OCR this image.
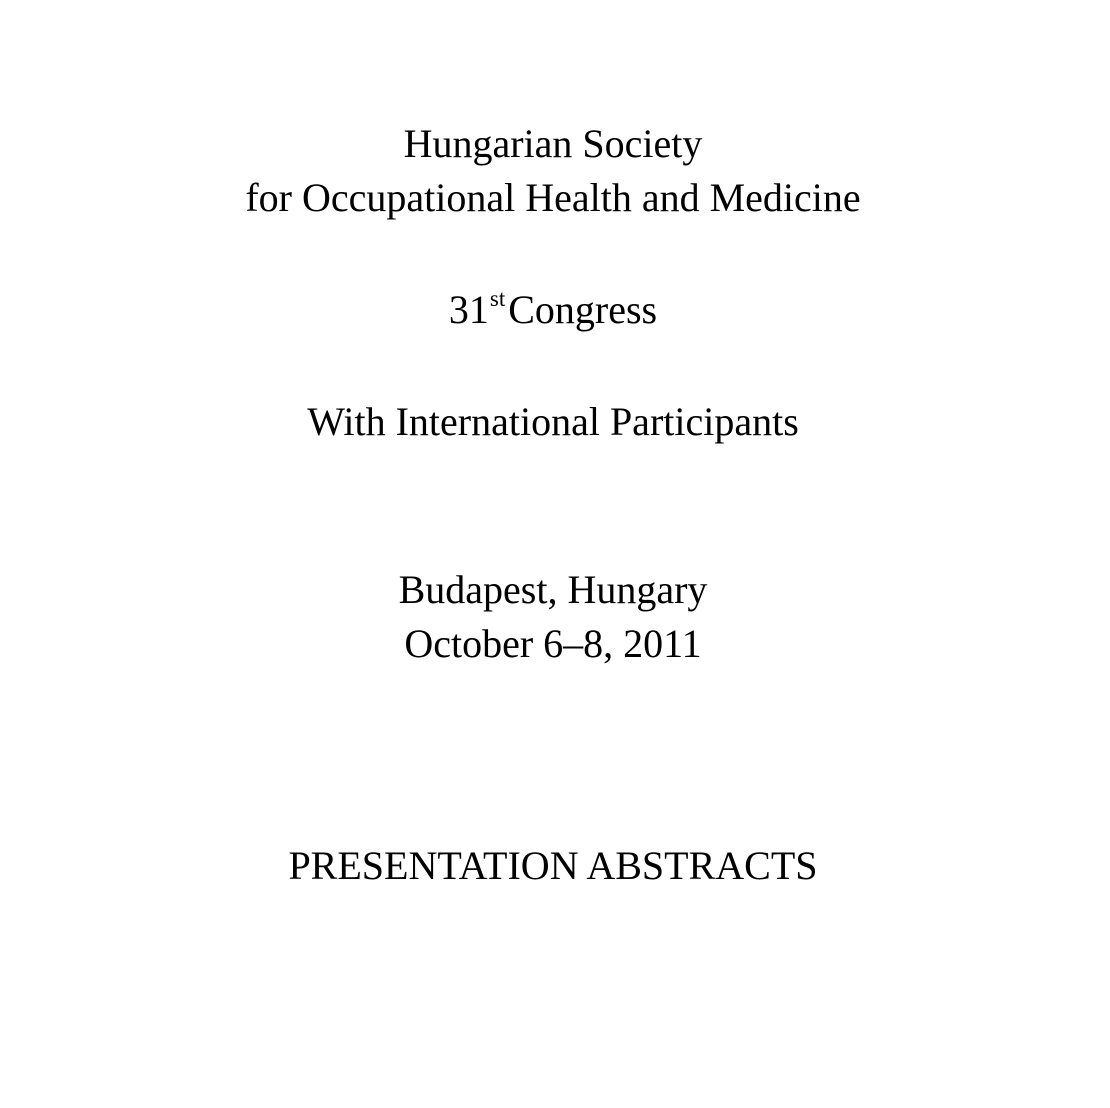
Hungarian Society
for Occupational Health and Medicine
31stCongress
With International Participants
Budapest, Hungary
October 6–8, 2011
PRESENTATION ABSTRACTS
